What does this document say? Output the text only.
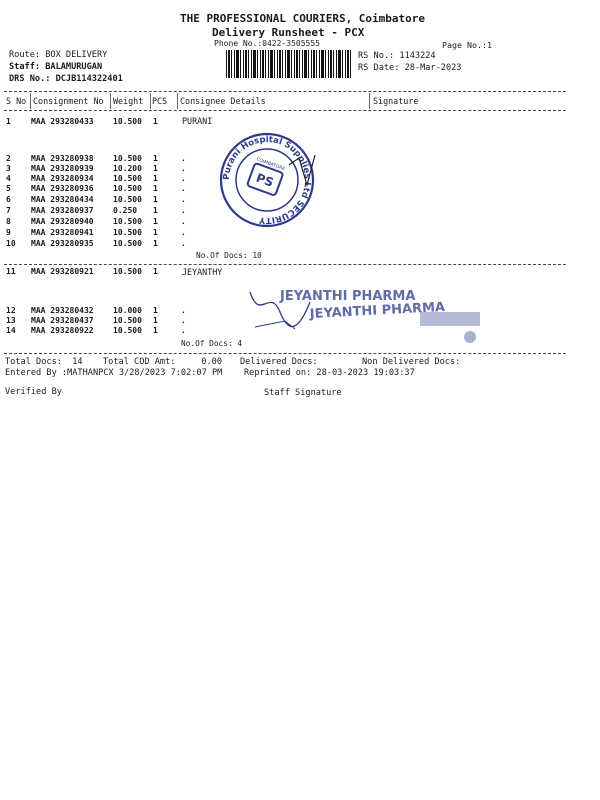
THE PROFESSIONAL COURIERS, Coimbatore
Delivery Runsheet - PCX
Phone No.:0422-3505555	Page No.:1
Route: BOX DELIVERY
Staff: BALAMURUGAN
DRS No.: DCJB114322401
RS No.: 1143224
RS Date: 28-Mar-2023
S No Consignment No Weight PCS Consignee Details	Signature
PURANI
1	MAA 293280433 10.500 1
2	MAA 293280938 10.500 1	.
3	MAA 293280939 10.200 1	.
4	MAA 293280934 10.500 1	.
5	MAA 293280936 10.500 1	.
6	MAA 293280434 10.500 1	.
7	MAA 293280937 0.250 1	.
8	MAA 293280940 10.500 1	.
9	MAA 293280941 10.500 1	.
10 MAA 293280935 10.500 1	.
No.Of Docs: 10
Purani Hospital Supplies Ltd SECURITY
PS
COIMBATORE
JEYANTHY
11 MAA 293280921 10.500 1
12 MAA 293280432 10.000 1	.
13 MAA 293280437 10.500 1	.
14 MAA 293280922 10.500 1	.
No.Of Docs: 4
JEYANTHI PHARMA
JEYANTHI PHARMA
Total Docs:  14 Total COD Amt:     0.00 Delivered Docs:	Non Delivered Docs:
Entered By :MATHANPCX 3/28/2023 7:02:07 PM	Reprinted on: 28-03-2023 19:03:37
Verified By	Staff Signature
